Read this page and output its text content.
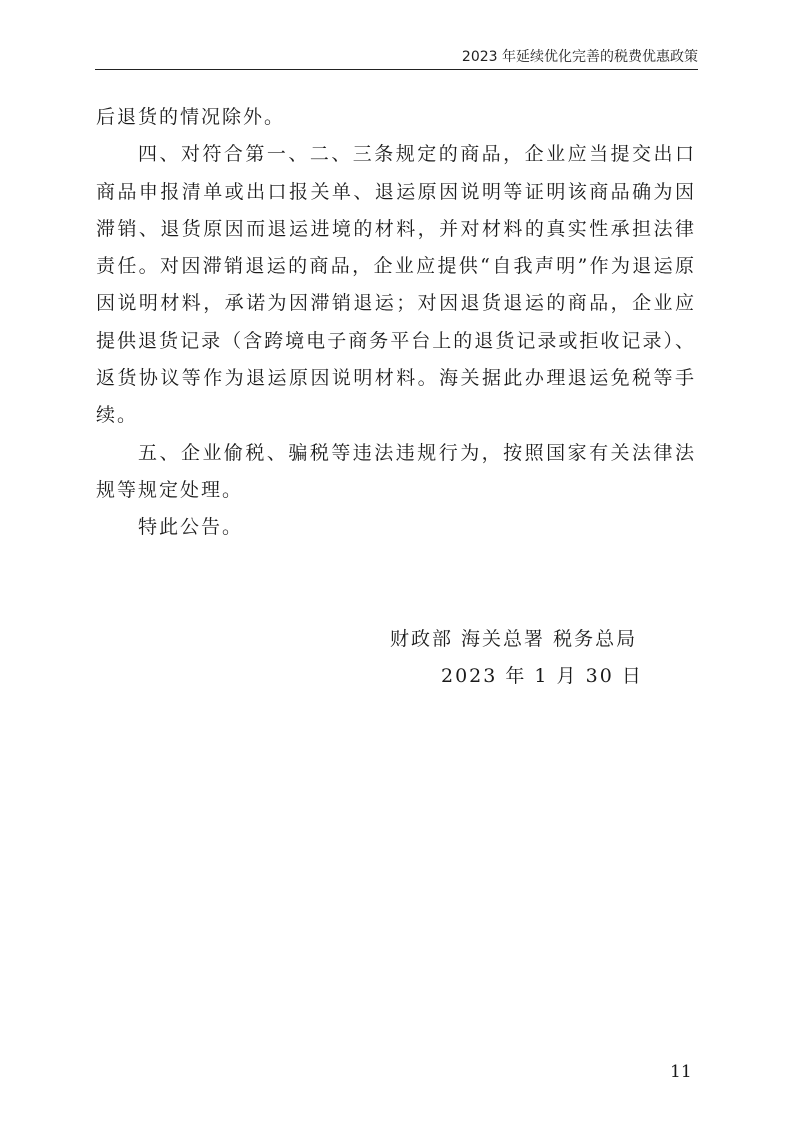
2023 年延续优化完善的税费优惠政策

后退货的情况除外。

四、对符合第一、二、三条规定的商品，企业应当提交出口商品申报清单或出口报关单、退运原因说明等证明该商品确为因滞销、退货原因而退运进境的材料，并对材料的真实性承担法律责任。对因滞销退运的商品，企业应提供“自我声明”作为退运原因说明材料，承诺为因滞销退运；对因退货退运的商品，企业应提供退货记录（含跨境电子商务平台上的退货记录或拒收记录）、返货协议等作为退运原因说明材料。海关据此办理退运免税等手续。

五、企业偷税、骗税等违法违规行为，按照国家有关法律法规等规定处理。

特此公告。

财政部 海关总署 税务总局
2023 年 1 月 30 日
11
